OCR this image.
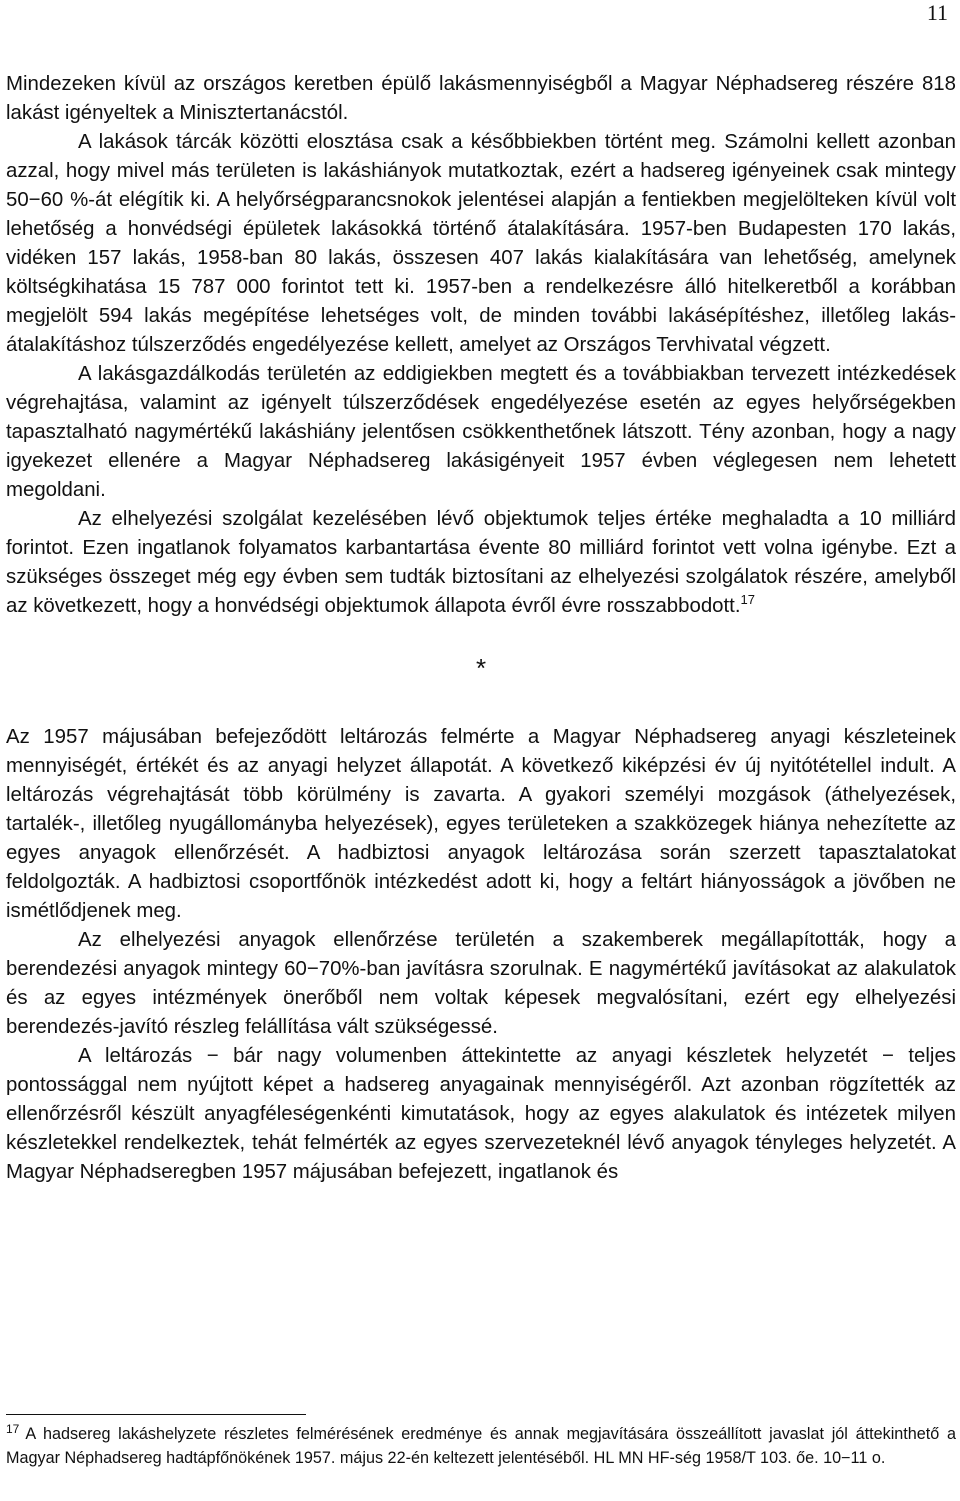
11

Mindezeken kívül az országos keretben épülő lakásmennyiségből a Magyar Néphadsereg részére 818 lakást igényeltek a Minisztertanácstól.

A lakások tárcák közötti elosztása csak a későbbiekben történt meg. Számolni kellett azonban azzal, hogy mivel más területen is lakáshiányok mutatkoztak, ezért a hadsereg igényeinek csak mintegy 50−60 %-át elégítik ki. A helyőrségparancsnokok jelentései alapján a fentiekben megjelölteken kívül volt lehetőség a honvédségi épületek lakásokká történő átalakítására. 1957-ben Budapesten 170 lakás, vidéken 157 lakás, 1958-ban 80 lakás, összesen 407 lakás kialakítására van lehetőség, amelynek költségkihatása 15 787 000 forintot tett ki. 1957-ben a rendelkezésre álló hitelkeretből a korábban megjelölt 594 lakás megépítése lehetséges volt, de minden további lakásépítéshez, illetőleg lakás-átalakításhoz túlszerződés engedélyezése kellett, amelyet az Országos Tervhivatal végzett.

A lakásgazdálkodás területén az eddigiekben megtett és a továbbiakban tervezett intézkedések végrehajtása, valamint az igényelt túlszerződések engedélyezése esetén az egyes helyőrségekben tapasztalható nagymértékű lakáshiány jelentősen csökkenthetőnek látszott. Tény azonban, hogy a nagy igyekezet ellenére a Magyar Néphadsereg lakásigényeit 1957 évben véglegesen nem lehetett megoldani.

Az elhelyezési szolgálat kezelésében lévő objektumok teljes értéke meghaladta a 10 milliárd forintot. Ezen ingatlanok folyamatos karbantartása évente 80 milliárd forintot vett volna igénybe. Ezt a szükséges összeget még egy évben sem tudták biztosítani az elhelyezési szolgálatok részére, amelyből az következett, hogy a honvédségi objektumok állapota évről évre rosszabbodott.$^{17}$

*

Az 1957 májusában befejeződött leltározás felmérte a Magyar Néphadsereg anyagi készleteinek mennyiségét, értékét és az anyagi helyzet állapotát. A következő kiképzési év új nyitótétellel indult. A leltározás végrehajtását több körülmény is zavarta. A gyakori személyi mozgások (áthelyezések, tartalék-, illetőleg nyugállományba helyezések), egyes területeken a szakközegek hiánya nehezítette az egyes anyagok ellenőrzését. A hadbiztosi anyagok leltározása során szerzett tapasztalatokat feldolgozták. A hadbiztosi csoportfőnök intézkedést adott ki, hogy a feltárt hiányosságok a jövőben ne ismétlődjenek meg.

Az elhelyezési anyagok ellenőrzése területén a szakemberek megállapították, hogy a berendezési anyagok mintegy 60−70%-ban javításra szorulnak. E nagymértékű javításokat az alakulatok és az egyes intézmények önerőből nem voltak képesek megvalósítani, ezért egy elhelyezési berendezés-javító részleg felállítása vált szükségessé.

A leltározás − bár nagy volumenben áttekintette az anyagi készletek helyzetét − teljes pontossággal nem nyújtott képet a hadsereg anyagainak mennyiségéről. Azt azonban rögzítették az ellenőrzésről készült anyagféleségenkénti kimutatások, hogy az egyes alakulatok és intézetek milyen készletekkel rendelkeztek, tehát felmérték az egyes szervezeteknél lévő anyagok tényleges helyzetét. A Magyar Néphadseregben 1957 májusában befejezett, ingatlanok és

$^{17}$ A hadsereg lakáshelyzete részletes felmérésének eredménye és annak megjavítására összeállított javaslat jól áttekinthető a Magyar Néphadsereg hadtápfőnökének 1957. május 22-én keltezett jelentéséből. HL MN HF-ség 1958/T 103. őe. 10−11 o.
